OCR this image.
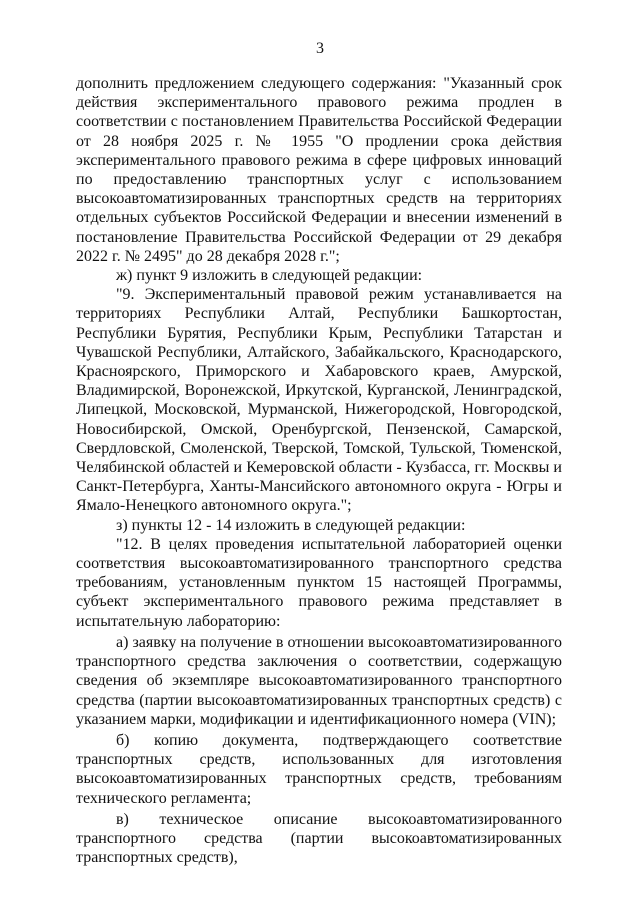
3

дополнить предложением следующего содержания: "Указанный срок действия экспериментального правового режима продлен в соответствии с постановлением Правительства Российской Федерации от 28 ноября 2025 г. № 1955 "О продлении срока действия экспериментального правового режима в сфере цифровых инноваций по предоставлению транспортных услуг с использованием высокоавтоматизированных транспортных средств на территориях отдельных субъектов Российской Федерации и внесении изменений в постановление Правительства Российской Федерации от 29 декабря 2022 г. № 2495" до 28 декабря 2028 г.";

ж) пункт 9 изложить в следующей редакции:

"9. Экспериментальный правовой режим устанавливается на территориях Республики Алтай, Республики Башкортостан, Республики Бурятия, Республики Крым, Республики Татарстан и Чувашской Республики, Алтайского, Забайкальского, Краснодарского, Красноярского, Приморского и Хабаровского краев, Амурской, Владимирской, Воронежской, Иркутской, Курганской, Ленинградской, Липецкой, Московской, Мурманской, Нижегородской, Новгородской, Новосибирской, Омской, Оренбургской, Пензенской, Самарской, Свердловской, Смоленской, Тверской, Томской, Тульской, Тюменской, Челябинской областей и Кемеровской области - Кузбасса, гг. Москвы и Санкт-Петербурга, Ханты-Мансийского автономного округа - Югры и Ямало-Ненецкого автономного округа.";

з) пункты 12 - 14 изложить в следующей редакции:

"12. В целях проведения испытательной лабораторией оценки соответствия высокоавтоматизированного транспортного средства требованиям, установленным пунктом 15 настоящей Программы, субъект экспериментального правового режима представляет в испытательную лабораторию:

а) заявку на получение в отношении высокоавтоматизированного транспортного средства заключения о соответствии, содержащую сведения об экземпляре высокоавтоматизированного транспортного средства (партии высокоавтоматизированных транспортных средств) с указанием марки, модификации и идентификационного номера (VIN);

б) копию документа, подтверждающего соответствие транспортных средств, использованных для изготовления высокоавтоматизированных транспортных средств, требованиям технического регламента;

в) техническое описание высокоавтоматизированного транспортного средства (партии высокоавтоматизированных транспортных средств),
